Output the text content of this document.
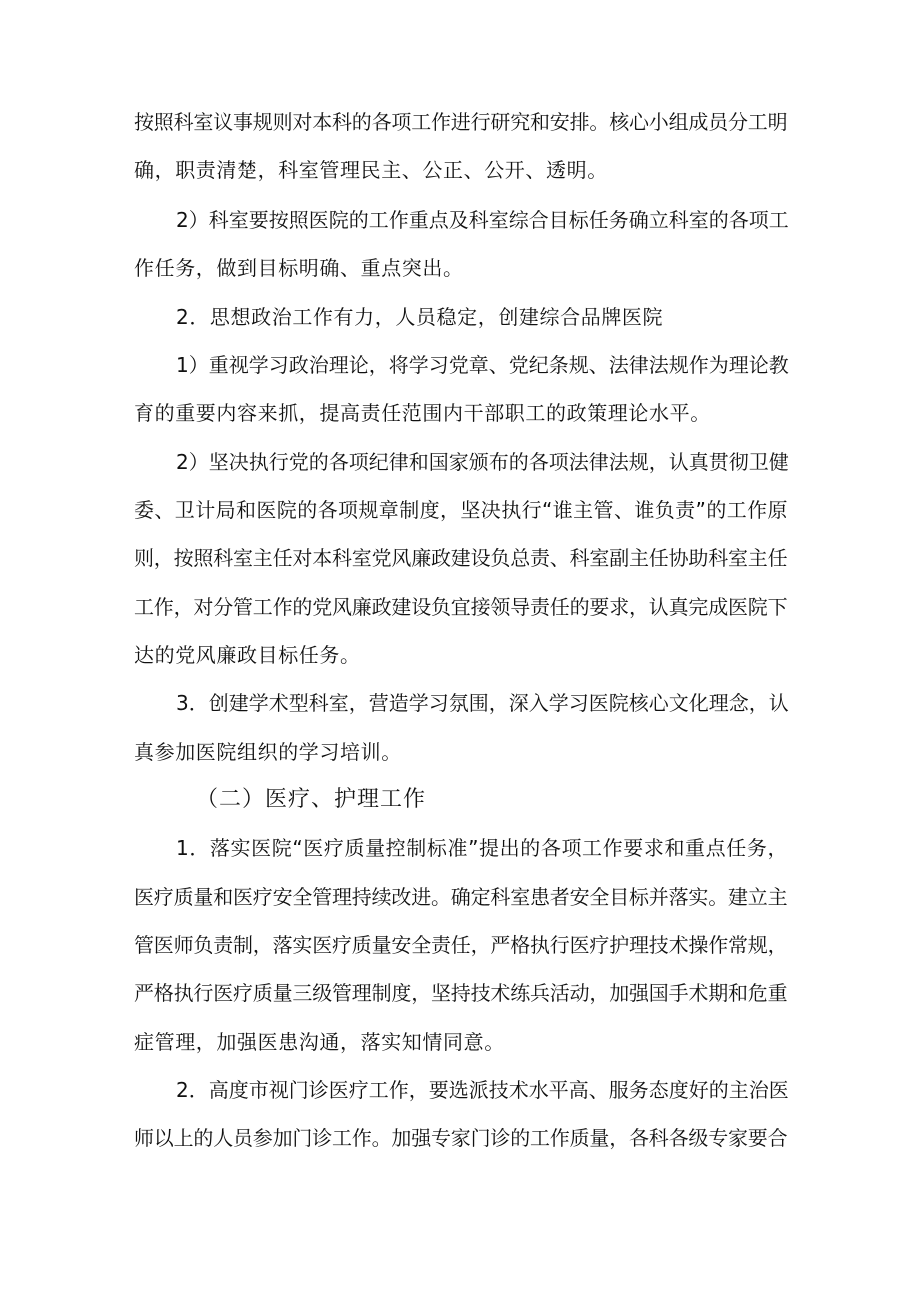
按照科室议事规则对本科的各项工作进行研究和安排。核心小组成员分工明

确，职责清楚，科室管理民主、公正、公开、透明。

2）科室要按照医院的工作重点及科室综合目标任务确立科室的各项工

作任务，做到目标明确、重点突出。

2．思想政治工作有力，人员稳定，创建综合品牌医院

1）重视学习政治理论，将学习党章、党纪条规、法律法规作为理论教

育的重要内容来抓，提高责任范围内干部职工的政策理论水平。

2）坚决执行党的各项纪律和国家颁布的各项法律法规，认真贯彻卫健

委、卫计局和医院的各项规章制度，坚决执行“谁主管、谁负责”的工作原

则，按照科室主任对本科室党风廉政建设负总责、科室副主任协助科室主任

工作，对分管工作的党风廉政建设负宜接领导责任的要求，认真完成医院下

达的党风廉政目标任务。

3．创建学术型科室，营造学习氛围，深入学习医院核心文化理念，认

真参加医院组织的学习培训。

（二）医疗、护理工作

1．落实医院“医疗质量控制标准”提出的各项工作要求和重点任务，

医疗质量和医疗安全管理持续改进。确定科室患者安全目标并落实。建立主

管医师负责制，落实医疗质量安全责任，严格执行医疗护理技术操作常规，

严格执行医疗质量三级管理制度，坚持技术练兵活动，加强国手术期和危重

症管理，加强医患沟通，落实知情同意。

2．高度市视门诊医疗工作，要选派技术水平高、服务态度好的主治医

师以上的人员参加门诊工作。加强专家门诊的工作质量，各科各级专家要合
